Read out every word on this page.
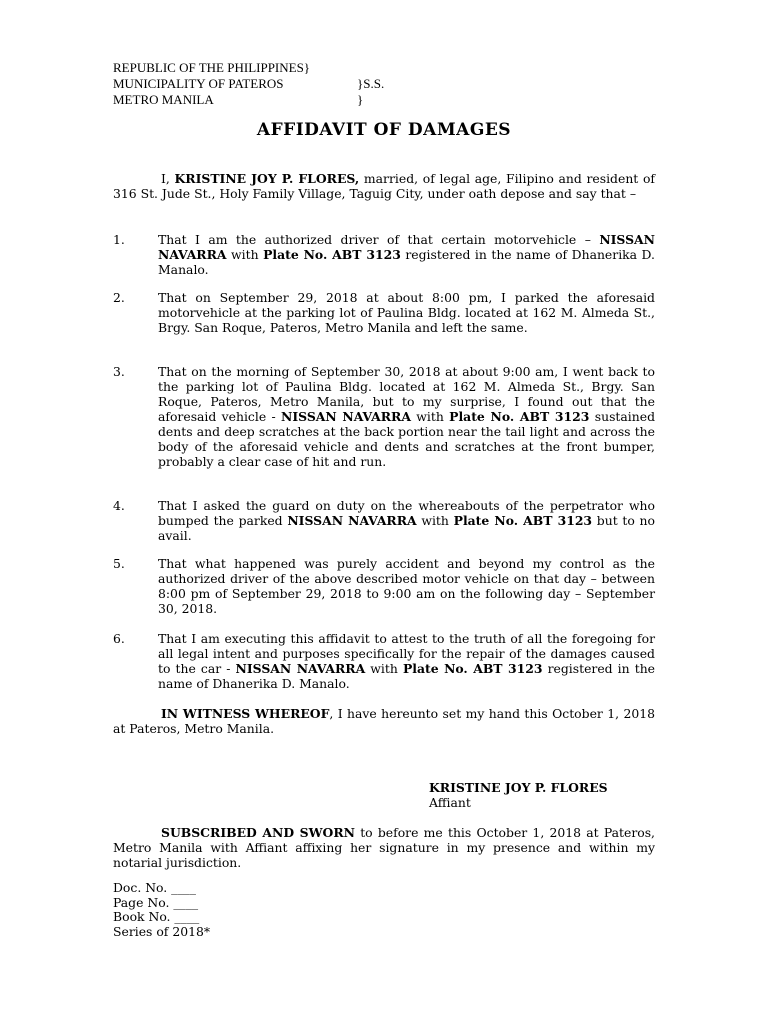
REPUBLIC OF THE PHILIPPINES}
MUNICIPALITY OF PATEROS	}S.S.
METRO MANILA	}
AFFIDAVIT OF DAMAGES
I, KRISTINE JOY P. FLORES, married, of legal age, Filipino and resident of 316 St. Jude St., Holy Family Village, Taguig City, under oath depose and say that –
1.	That I am the authorized driver of that certain motorvehicle – NISSAN NAVARRA with Plate No. ABT 3123 registered in the name of Dhanerika D. Manalo.
2.	That on September 29, 2018 at about 8:00 pm, I parked the aforesaid motorvehicle at the parking lot of Paulina Bldg. located at 162 M. Almeda St., Brgy. San Roque, Pateros, Metro Manila and left the same.
3.	That on the morning of September 30, 2018 at about 9:00 am, I went back to the parking lot of Paulina Bldg. located at 162 M. Almeda St., Brgy. San Roque, Pateros, Metro Manila, but to my surprise, I found out that the aforesaid vehicle - NISSAN NAVARRA with Plate No. ABT 3123 sustained dents and deep scratches at the back portion near the tail light and across the body of the aforesaid vehicle and dents and scratches at the front bumper, probably a clear case of hit and run.
4.	That I asked the guard on duty on the whereabouts of the perpetrator who bumped the parked NISSAN NAVARRA with Plate No. ABT 3123 but to no avail.
5.	That what happened was purely accident and beyond my control as the authorized driver of the above described motor vehicle on that day – between 8:00 pm of September 29, 2018 to 9:00 am on the following day – September 30, 2018.
6.	That I am executing this affidavit to attest to the truth of all the foregoing for all legal intent and purposes specifically for the repair of the damages caused to the car - NISSAN NAVARRA with Plate No. ABT 3123 registered in the name of Dhanerika D. Manalo.
IN WITNESS WHEREOF, I have hereunto set my hand this October 1, 2018 at Pateros, Metro Manila.
KRISTINE JOY P. FLORES
Affiant
SUBSCRIBED AND SWORN to before me this October 1, 2018 at Pateros, Metro Manila with Affiant affixing her signature in my presence and within my notarial jurisdiction.
Doc. No. ____
Page No. ____
Book No. ____
Series of 2018*
